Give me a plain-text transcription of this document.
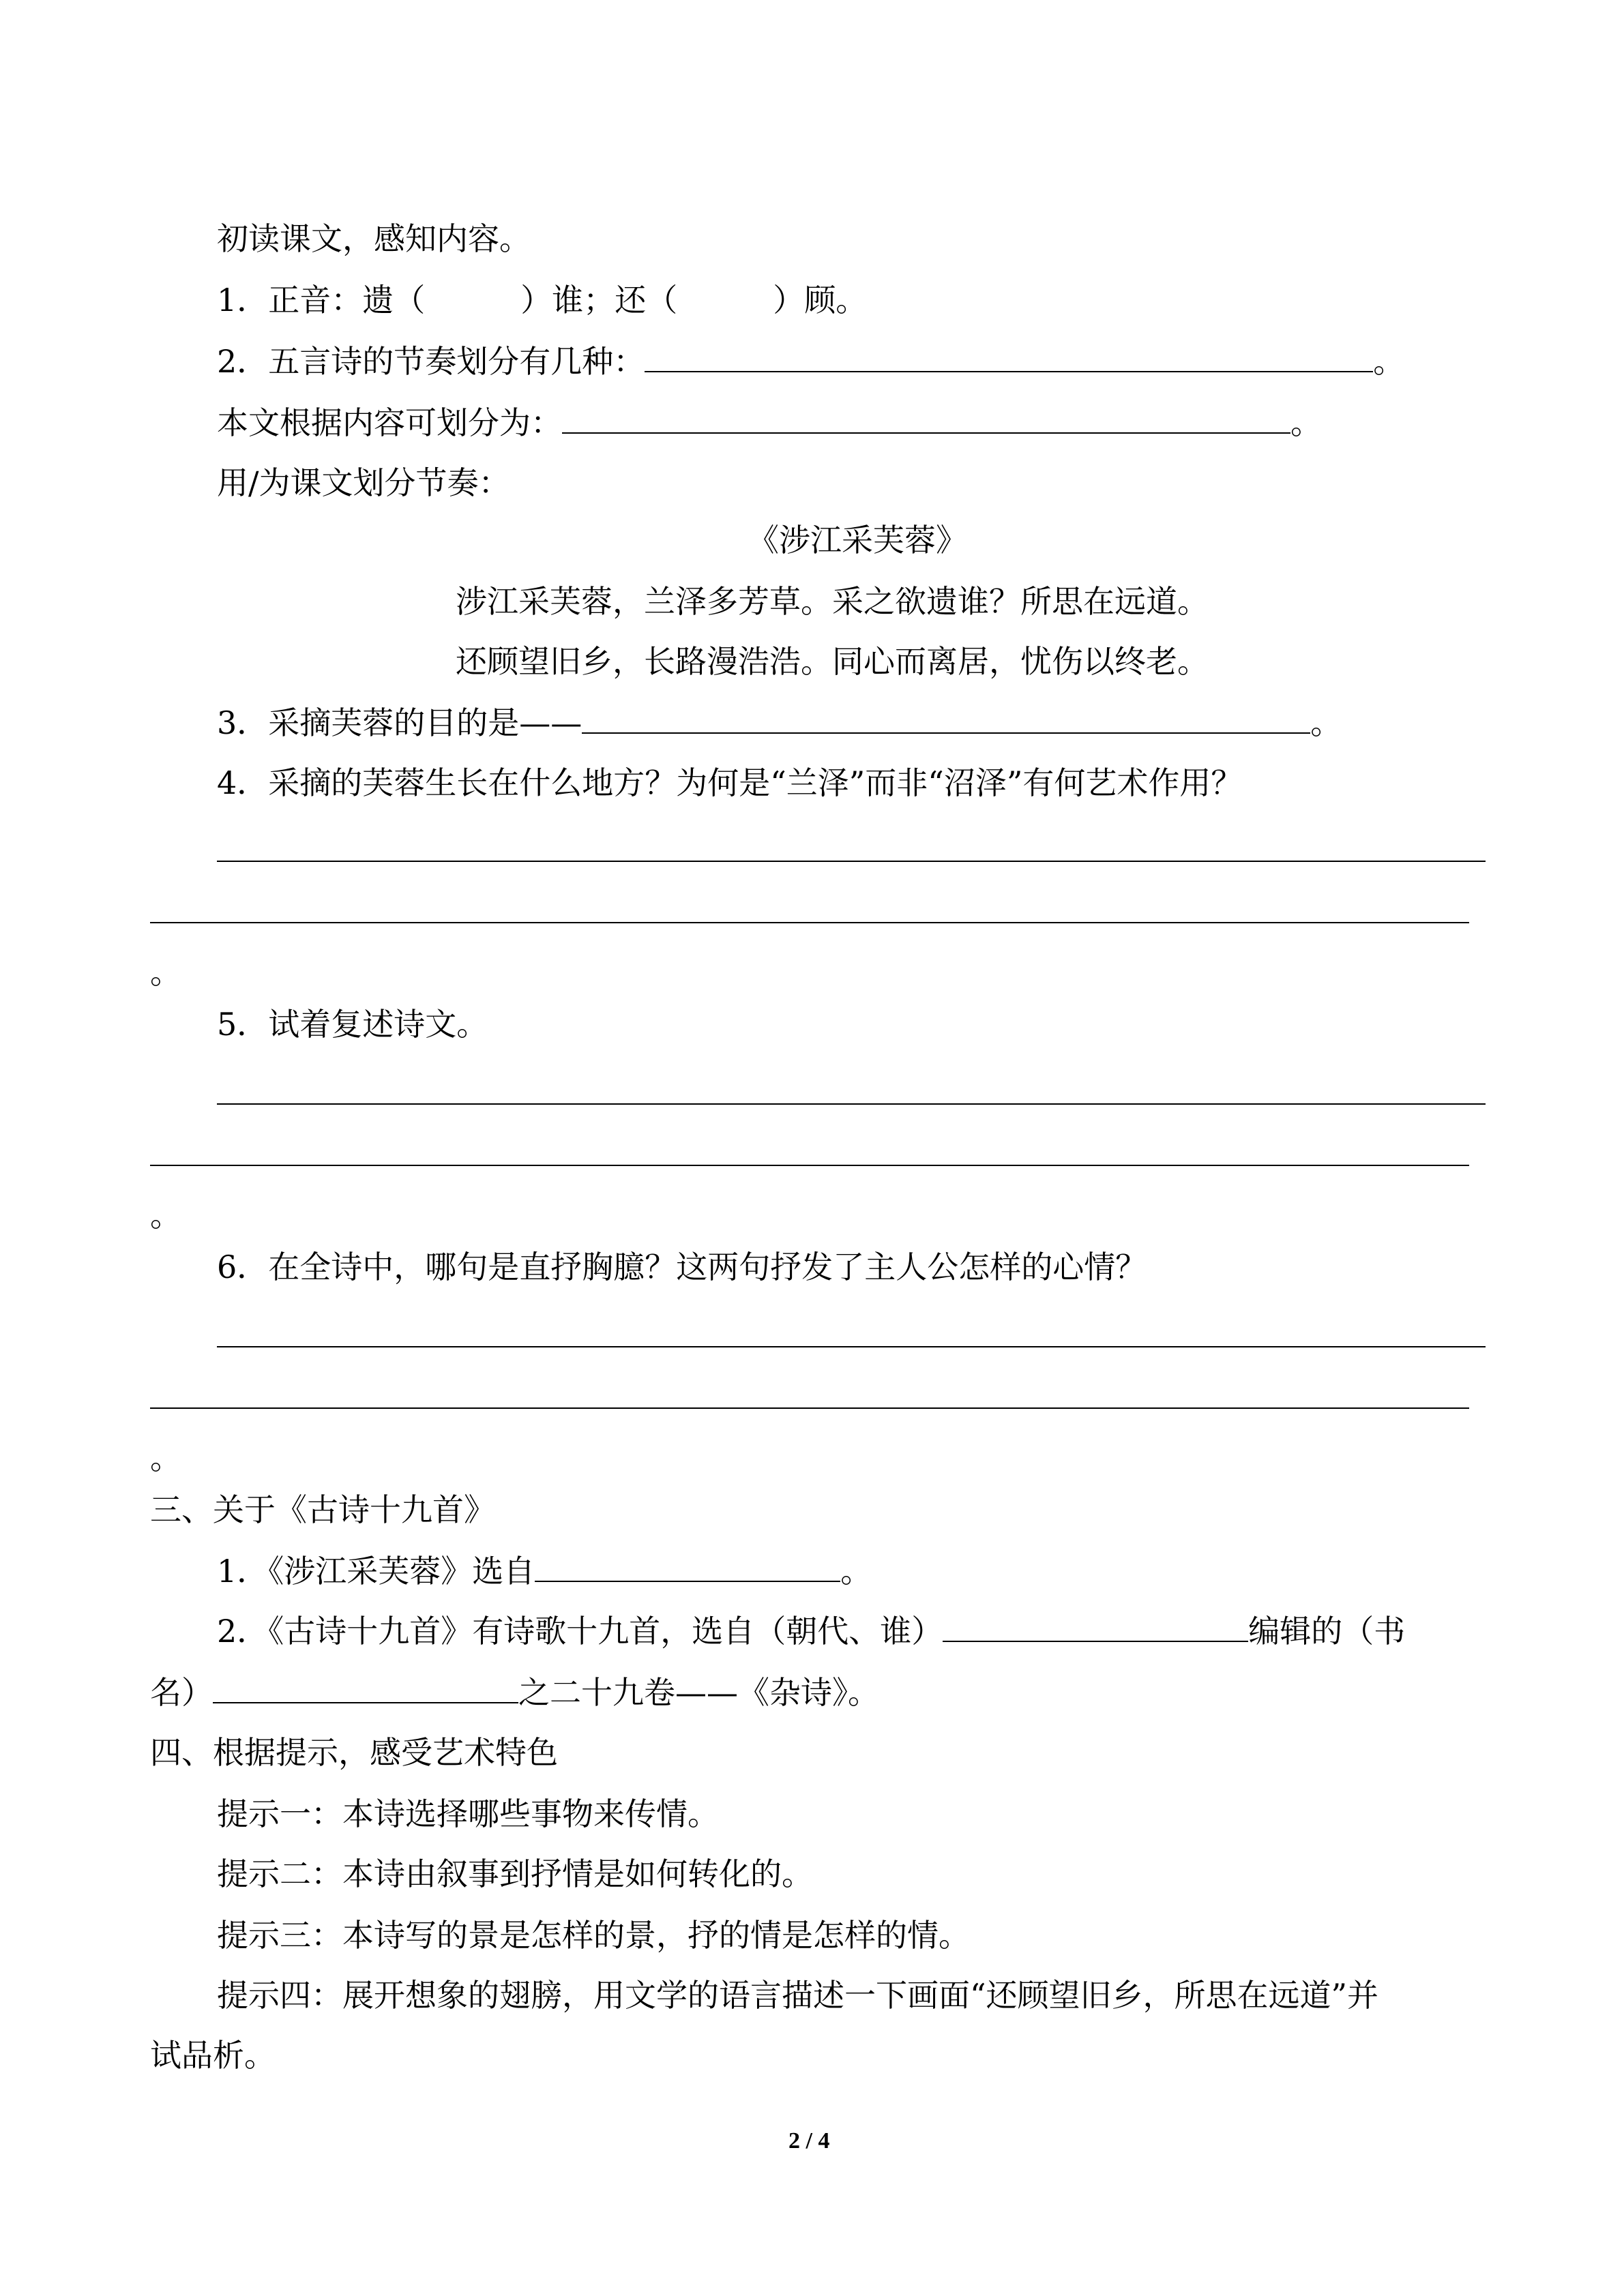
初读课文，感知内容。
1．正音：遗（	）谁；还（	）顾。
2．五言诗的节奏划分有几种：	。
本文根据内容可划分为：	。
用/为课文划分节奏：
《涉江采芙蓉》
涉江采芙蓉，兰泽多芳草。采之欲遗谁？所思在远道。
还顾望旧乡，长路漫浩浩。同心而离居，忧伤以终老。
3．采摘芙蓉的目的是——	。
4．采摘的芙蓉生长在什么地方？为何是“兰泽”而非“沼泽”有何艺术作用？
。
5．试着复述诗文。
。
6．在全诗中，哪句是直抒胸臆？这两句抒发了主人公怎样的心情？
。
三、关于《古诗十九首》
1．《涉江采芙蓉》选自	。
2．《古诗十九首》有诗歌十九首，选自（朝代、谁）	编辑的（书
名）	之二十九卷——《杂诗》。
四、根据提示，感受艺术特色
提示一：本诗选择哪些事物来传情。
提示二：本诗由叙事到抒情是如何转化的。
提示三：本诗写的景是怎样的景，抒的情是怎样的情。
提示四：展开想象的翅膀，用文学的语言描述一下画面“还顾望旧乡，所思在远道”并
试品析。
2 / 4
